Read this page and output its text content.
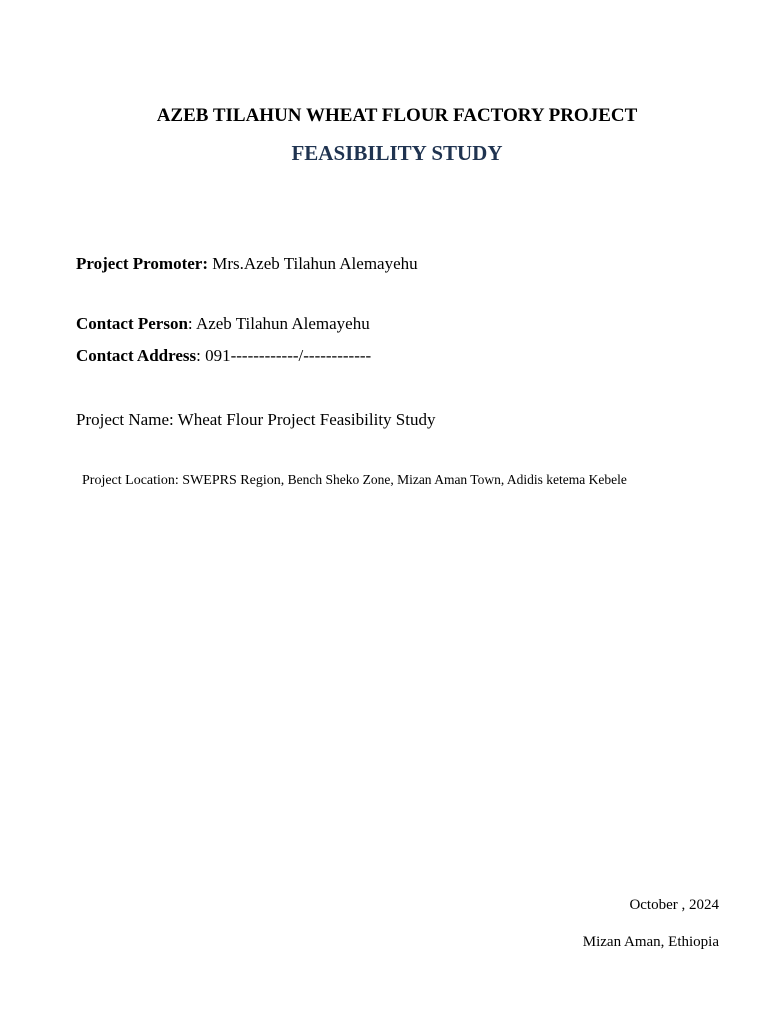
AZEB TILAHUN WHEAT FLOUR FACTORY PROJECT
FEASIBILITY STUDY
Project Promoter: Mrs.Azeb Tilahun Alemayehu
Contact Person: Azeb Tilahun Alemayehu
Contact Address: 091------------/------------
Project Name: Wheat Flour Project Feasibility Study
Project Location: SWEPRS Region, Bench Sheko Zone, Mizan Aman Town, Adidis ketema Kebele
October , 2024
Mizan Aman, Ethiopia
